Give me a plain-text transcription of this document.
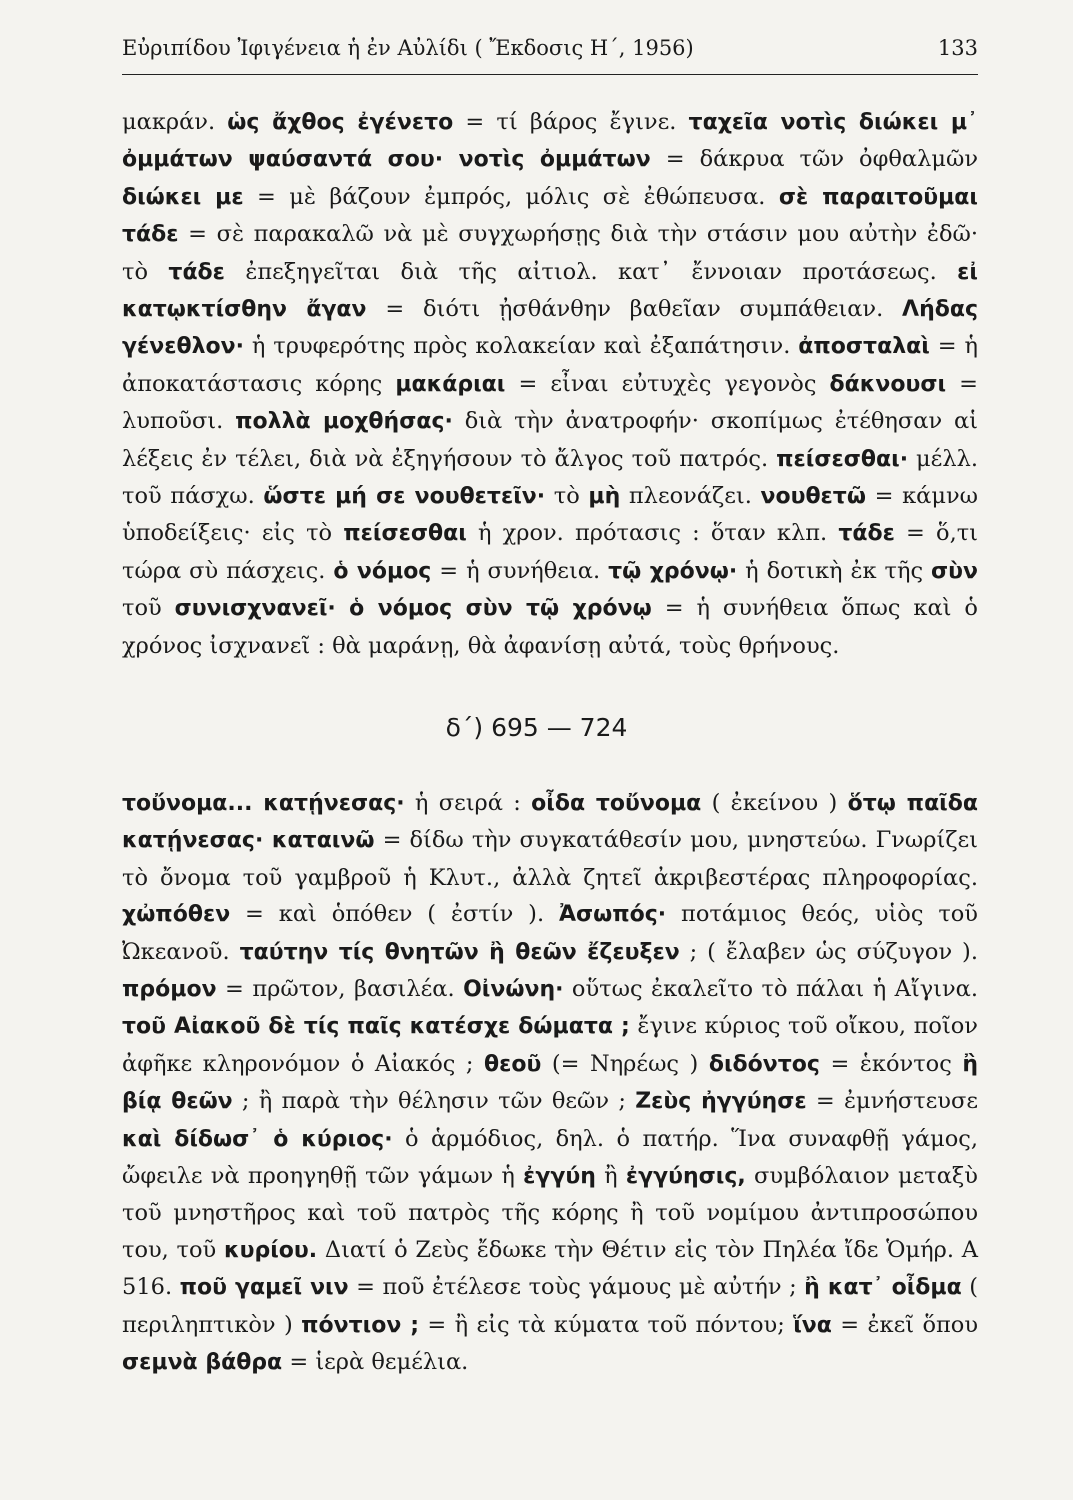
Εὐριπίδου Ἰφιγένεια ἡ ἐν Αὐλίδι ( Ἔκδοσις Η΄, 1956)	133

μακράν. ὡς ἄχθος ἐγένετο = τί βάρος ἔγινε. ταχεῖα νοτὶς διώκει μ᾽ ὀμμάτων ψαύσαντά σου· νοτὶς ὀμμάτων = δάκρυα τῶν ὀφθαλμῶν διώκει με = μὲ βάζουν ἐμπρός, μόλις σὲ ἐθώπευσα. σὲ παραιτοῦμαι τάδε = σὲ παρακαλῶ νὰ μὲ συγχωρήσῃς διὰ τὴν στάσιν μου αὐτὴν ἐδῶ· τὸ τάδε ἐπεξηγεῖται διὰ τῆς αἰτιολ. κατ᾽ ἔννοιαν προτάσεως. εἰ κατῳκτίσθην ἄγαν = διότι ᾐσθάνθην βαθεῖαν συμπάθειαν. Λήδας γένεθλον· ἡ τρυφερότης πρὸς κολακείαν καὶ ἐξαπάτησιν. ἀποσταλαὶ = ἡ ἀποκατάστασις κόρης μακάριαι = εἶναι εὐτυχὲς γεγονὸς δάκνουσι = λυποῦσι. πολλὰ μοχθήσας· διὰ τὴν ἀνατροφήν· σκοπίμως ἐτέθησαν αἱ λέξεις ἐν τέλει, διὰ νὰ ἐξηγήσουν τὸ ἄλγος τοῦ πατρός. πείσεσθαι· μέλλ. τοῦ πάσχω. ὥστε μή σε νουθετεῖν· τὸ μὴ πλεονάζει. νουθετῶ = κάμνω ὑποδείξεις· εἰς τὸ πείσεσθαι ἡ χρον. πρότασις : ὅταν κλπ. τάδε = ὅ,τι τώρα σὺ πάσχεις. ὁ νόμος = ἡ συνήθεια. τῷ χρόνῳ· ἡ δοτικὴ ἐκ τῆς σὺν τοῦ συνισχνανεῖ· ὁ νόμος σὺν τῷ χρόνῳ = ἡ συνήθεια ὅπως καὶ ὁ χρόνος ἰσχνανεῖ : θὰ μαράνῃ, θὰ ἀφανίσῃ αὐτά, τοὺς θρήνους.

δ΄) 695 — 724

τοὔνομα... κατῄνεσας· ἡ σειρά : οἶδα τοὔνομα ( ἐκείνου ) ὅτῳ παῖδα κατῄνεσας· καταινῶ = δίδω τὴν συγκατάθεσίν μου, μνηστεύω. Γνωρίζει τὸ ὄνομα τοῦ γαμβροῦ ἡ Κλυτ., ἀλλὰ ζητεῖ ἀκριβεστέρας πληροφορίας. χὠπόθεν = καὶ ὁπόθεν ( ἐστίν ). Ἀσωπός· ποτάμιος θεός, υἱὸς τοῦ Ὠκεανοῦ. ταύτην τίς θνητῶν ἢ θεῶν ἔζευξεν ; ( ἔλαβεν ὡς σύζυγον ). πρόμον = πρῶτον, βασιλέα. Οἰνώνη· οὕτως ἐκαλεῖτο τὸ πάλαι ἡ Αἴγινα. τοῦ Αἰακοῦ δὲ τίς παῖς κατέσχε δώματα ; ἔγινε κύριος τοῦ οἴκου, ποῖον ἀφῆκε κληρονόμον ὁ Αἰακός ; θεοῦ (= Νηρέως ) διδόντος = ἑκόντος ἢ βίᾳ θεῶν ; ἢ παρὰ τὴν θέλησιν τῶν θεῶν ; Ζεὺς ἠγγύησε = ἐμνήστευσε καὶ δίδωσ᾽ ὁ κύριος· ὁ ἁρμόδιος, δηλ. ὁ πατήρ. Ἵνα συναφθῇ γάμος, ὤφειλε νὰ προηγηθῇ τῶν γάμων ἡ ἐγγύη ἢ ἐγγύησις, συμβόλαιον μεταξὺ τοῦ μνηστῆρος καὶ τοῦ πατρὸς τῆς κόρης ἢ τοῦ νομίμου ἀντιπροσώπου του, τοῦ κυρίου. Διατί ὁ Ζεὺς ἔδωκε τὴν Θέτιν εἰς τὸν Πηλέα ἴδε Ὁμήρ. Α 516. ποῦ γαμεῖ νιν = ποῦ ἐτέλεσε τοὺς γάμους μὲ αὐτήν ; ἢ κατ᾽ οἶδμα ( περιληπτικὸν ) πόντιον ; = ἢ εἰς τὰ κύματα τοῦ πόντου; ἵνα = ἐκεῖ ὅπου σεμνὰ βάθρα = ἱερὰ θεμέλια.
